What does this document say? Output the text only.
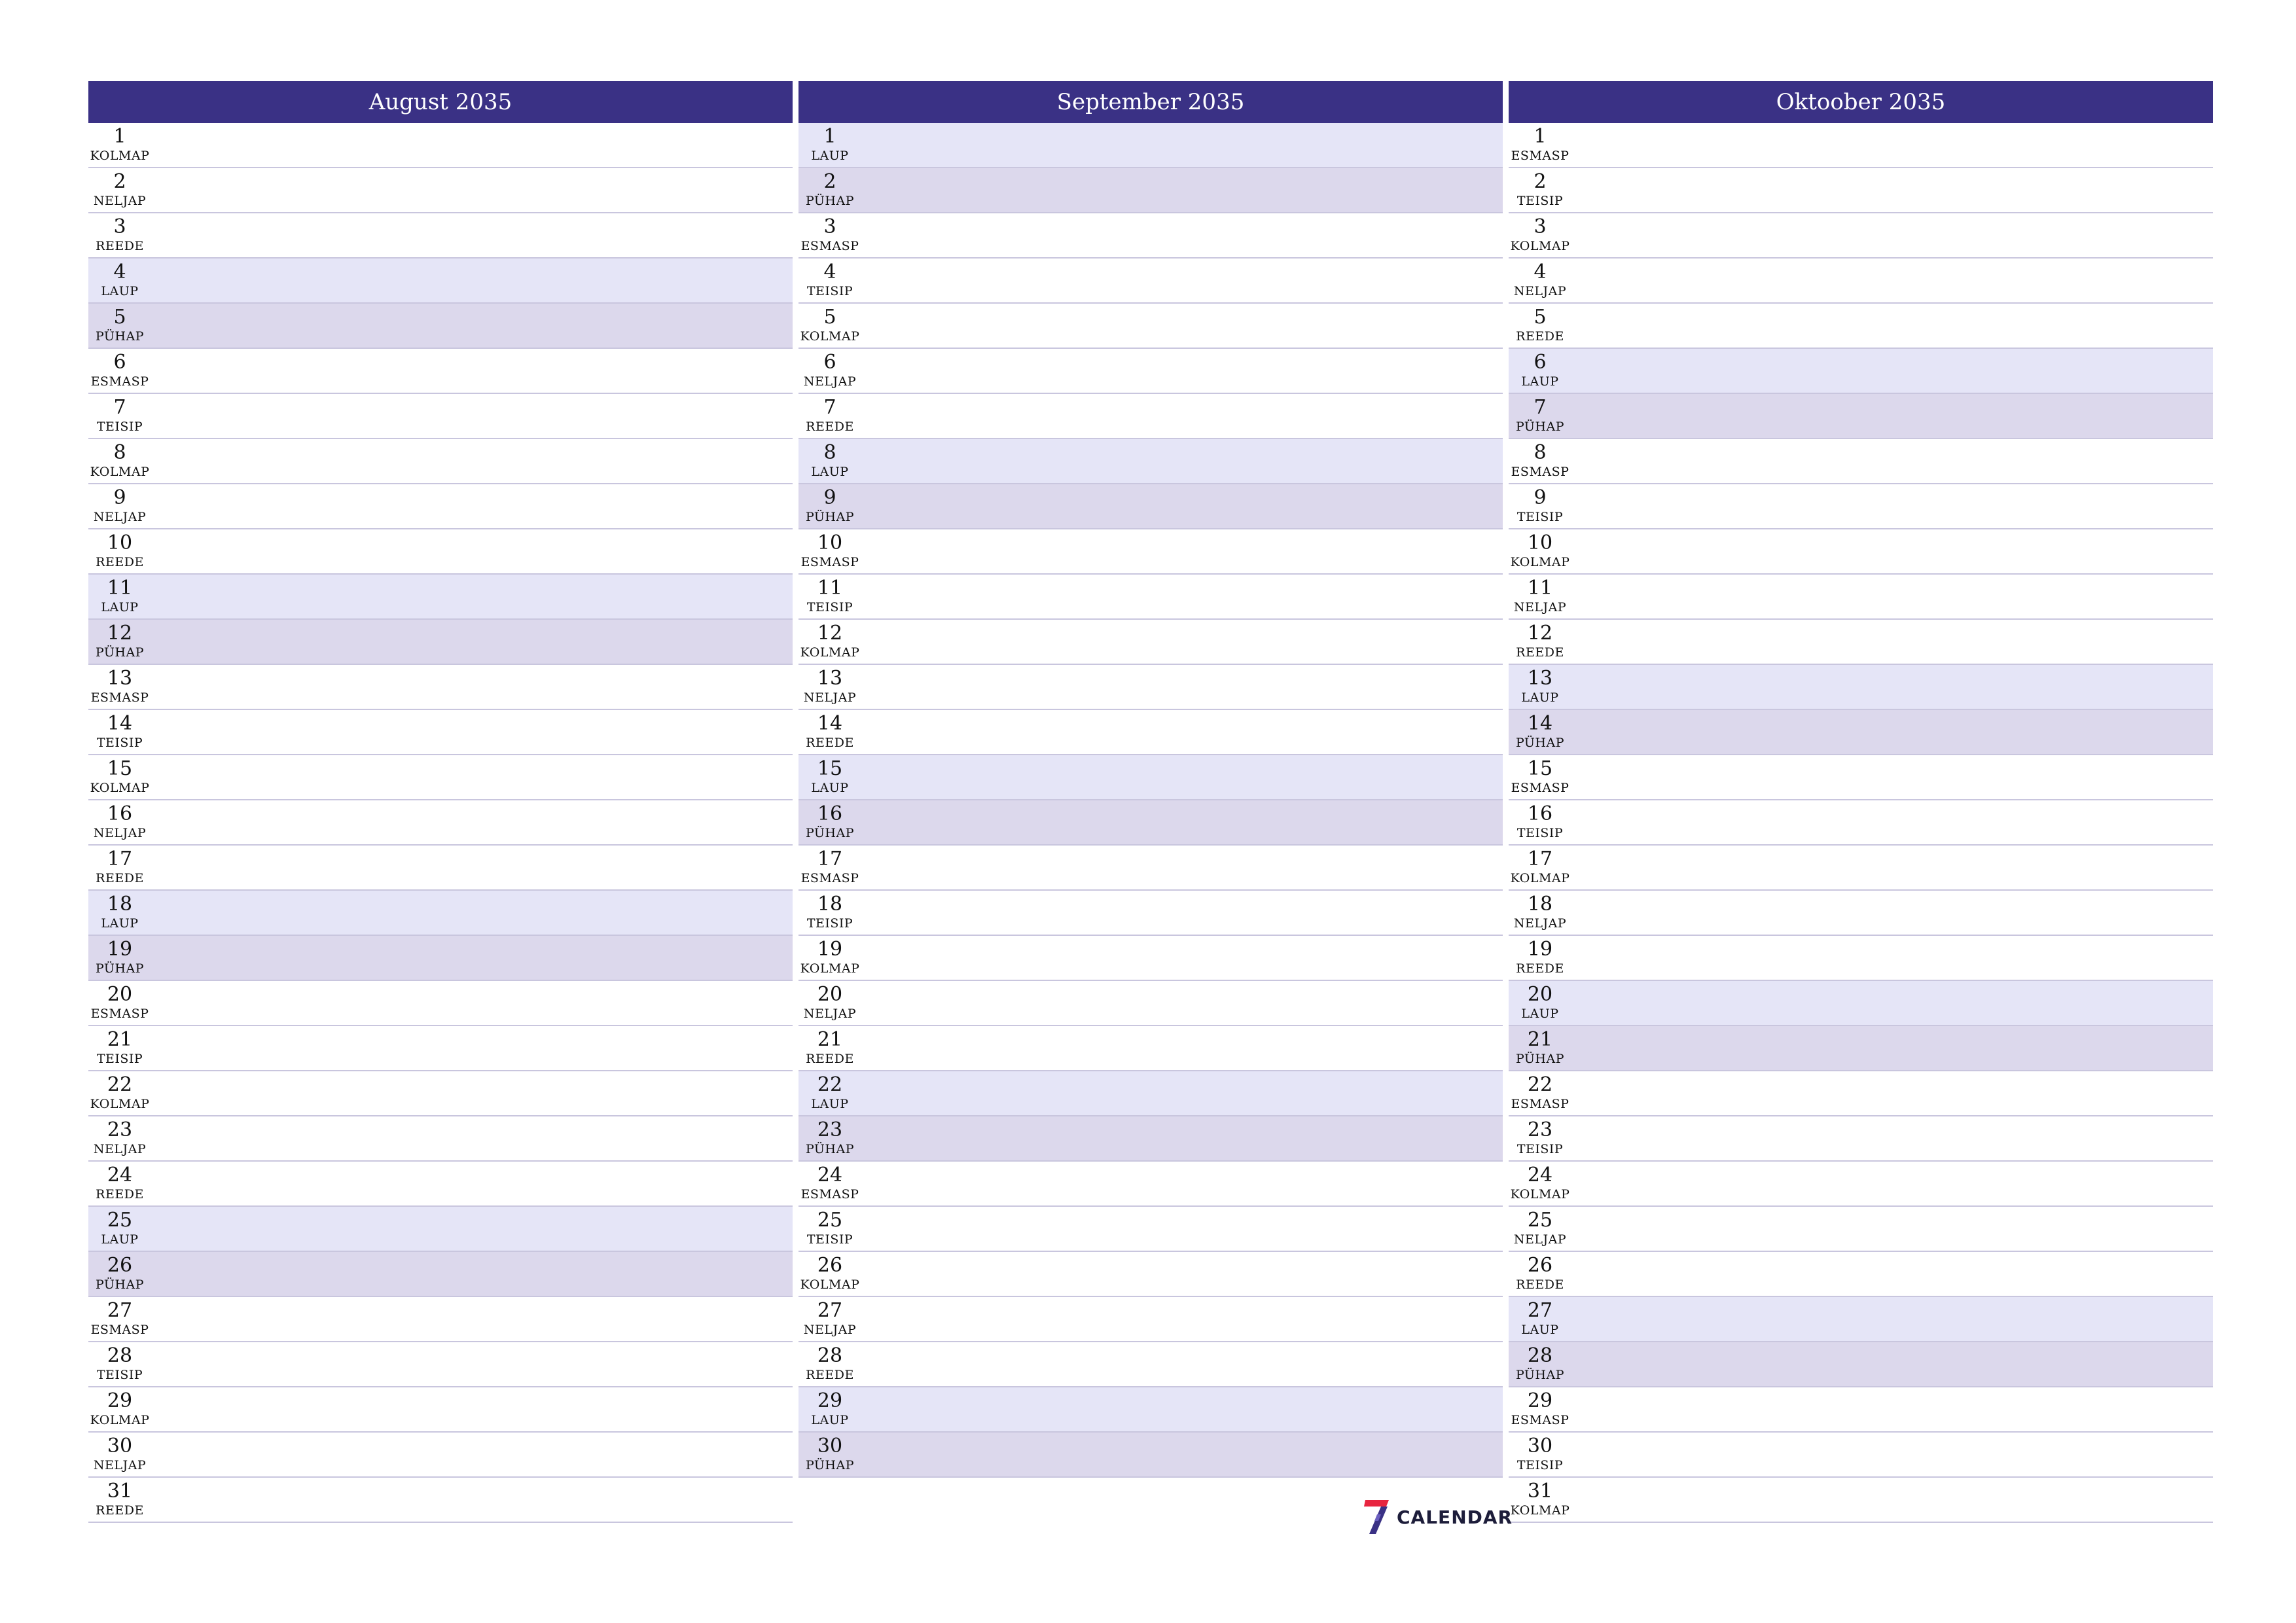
August 2035
1
KOLMAP
2
NELJAP
3
REEDE
4
LAUP
5
PÜHAP
6
ESMASP
7
TEISIP
8
KOLMAP
9
NELJAP
10
REEDE
11
LAUP
12
PÜHAP
13
ESMASP
14
TEISIP
15
KOLMAP
16
NELJAP
17
REEDE
18
LAUP
19
PÜHAP
20
ESMASP
21
TEISIP
22
KOLMAP
23
NELJAP
24
REEDE
25
LAUP
26
PÜHAP
27
ESMASP
28
TEISIP
29
KOLMAP
30
NELJAP
31
REEDE
September 2035
1
LAUP
2
PÜHAP
3
ESMASP
4
TEISIP
5
KOLMAP
6
NELJAP
7
REEDE
8
LAUP
9
PÜHAP
10
ESMASP
11
TEISIP
12
KOLMAP
13
NELJAP
14
REEDE
15
LAUP
16
PÜHAP
17
ESMASP
18
TEISIP
19
KOLMAP
20
NELJAP
21
REEDE
22
LAUP
23
PÜHAP
24
ESMASP
25
TEISIP
26
KOLMAP
27
NELJAP
28
REEDE
29
LAUP
30
PÜHAP
Oktoober 2035
1
ESMASP
2
TEISIP
3
KOLMAP
4
NELJAP
5
REEDE
6
LAUP
7
PÜHAP
8
ESMASP
9
TEISIP
10
KOLMAP
11
NELJAP
12
REEDE
13
LAUP
14
PÜHAP
15
ESMASP
16
TEISIP
17
KOLMAP
18
NELJAP
19
REEDE
20
LAUP
21
PÜHAP
22
ESMASP
23
TEISIP
24
KOLMAP
25
NELJAP
26
REEDE
27
LAUP
28
PÜHAP
29
ESMASP
30
TEISIP
31
KOLMAP
CALENDAR
